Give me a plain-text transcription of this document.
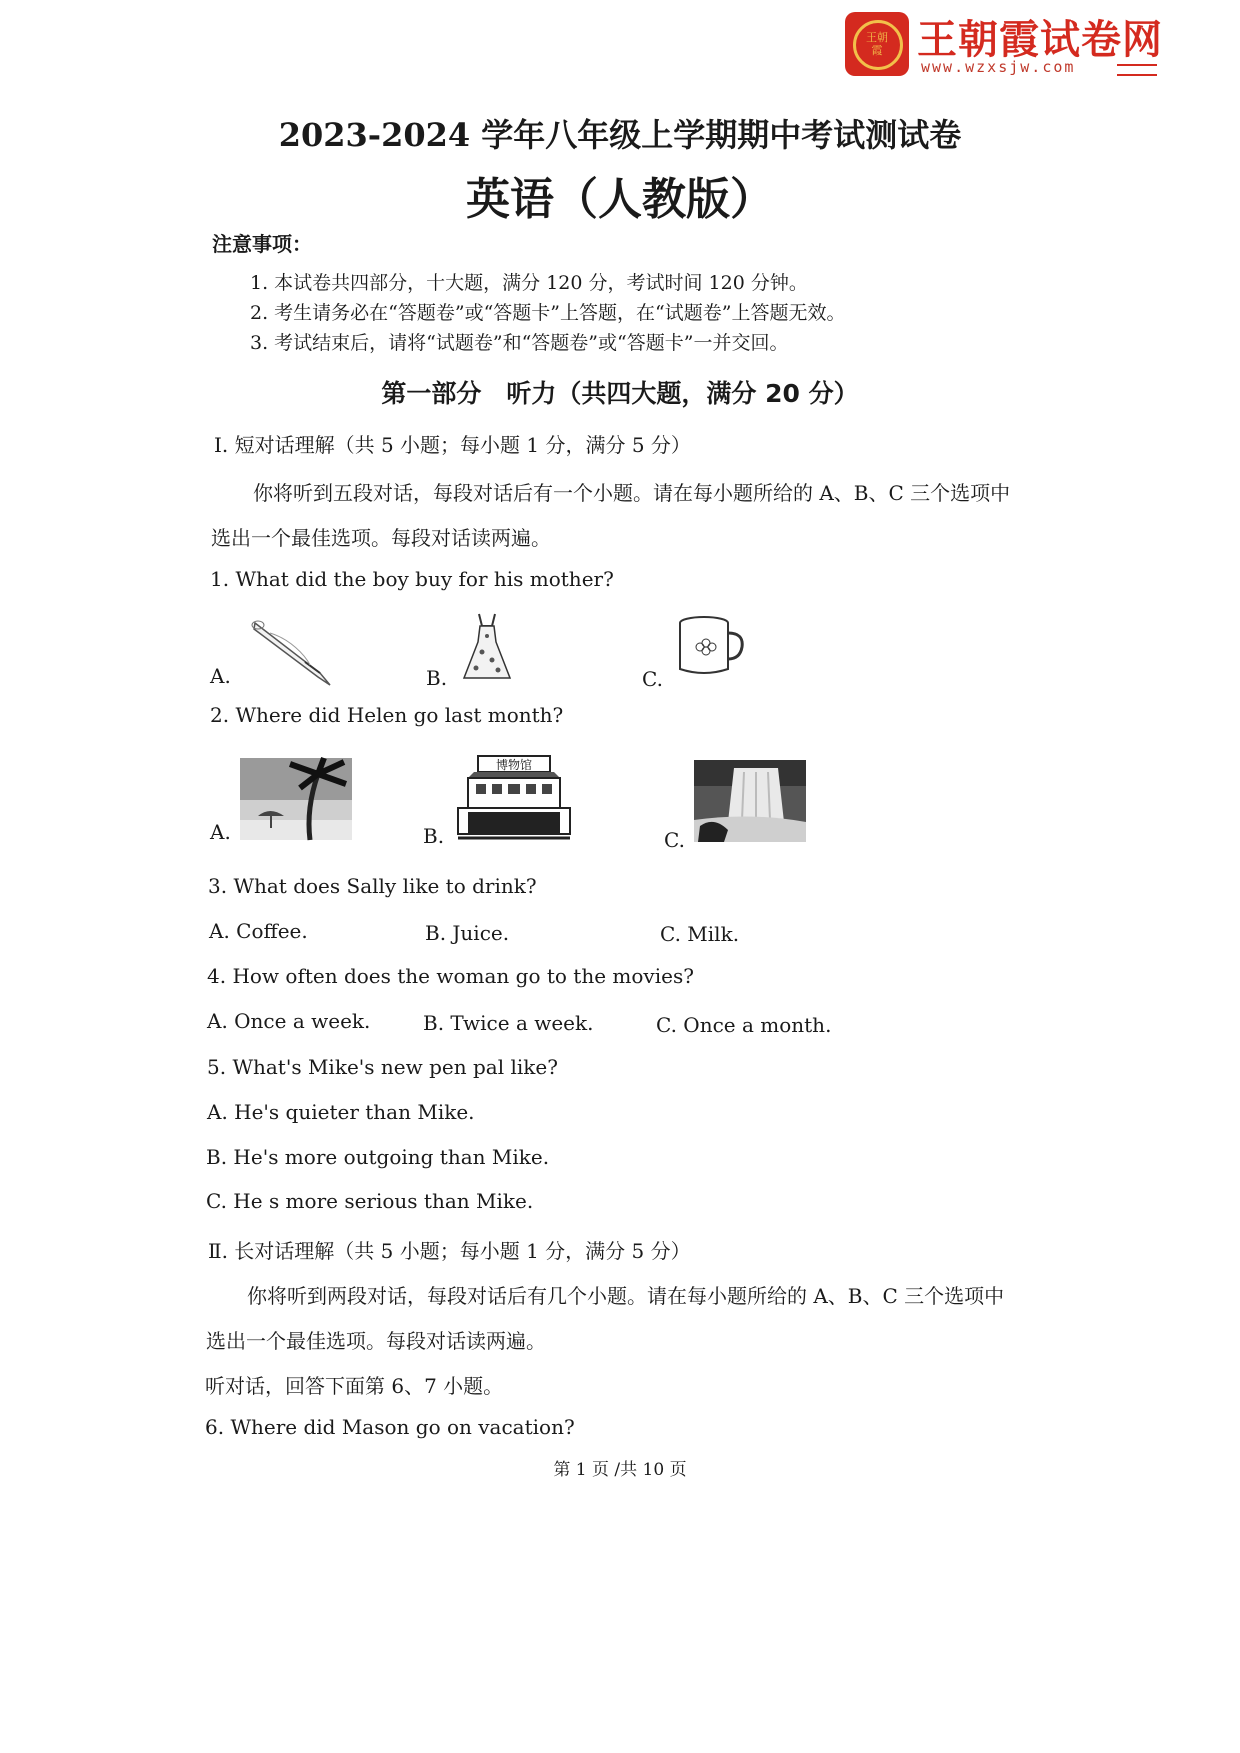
王朝霞 王朝霞试卷网
www.wzxsjw.com
2023-2024 学年八年级上学期期中考试测试卷
英语（人教版）
注意事项：
1. 本试卷共四部分，十大题，满分 120 分，考试时间 120 分钟。
2. 考生请务必在“答题卷”或“答题卡”上答题，在“试题卷”上答题无效。
3. 考试结束后，请将“试题卷”和“答题卷”或“答题卡”一并交回。
第一部分　听力（共四大题，满分 20 分）
Ⅰ. 短对话理解（共 5 小题；每小题 1 分，满分 5 分）
你将听到五段对话，每段对话后有一个小题。请在每小题所给的 A、B、C 三个选项中
选出一个最佳选项。每段对话读两遍。
1. What did the boy buy for his mother?
A.	B.	C.
2. Where did Helen go last month?
A.	B.
博物馆
C.
3. What does Sally like to drink?
A. Coffee.	B. Juice.	C. Milk.
4. How often does the woman go to the movies?
A. Once a week.	B. Twice a week.	C. Once a month.
5. What's Mike's new pen pal like?
A. He's quieter than Mike.
B. He's more outgoing than Mike.
C. He s more serious than Mike.
Ⅱ. 长对话理解（共 5 小题；每小题 1 分，满分 5 分）
你将听到两段对话，每段对话后有几个小题。请在每小题所给的 A、B、C 三个选项中
选出一个最佳选项。每段对话读两遍。
听对话，回答下面第 6、7 小题。
6. Where did Mason go on vacation?
第 1 页 /共 10 页
